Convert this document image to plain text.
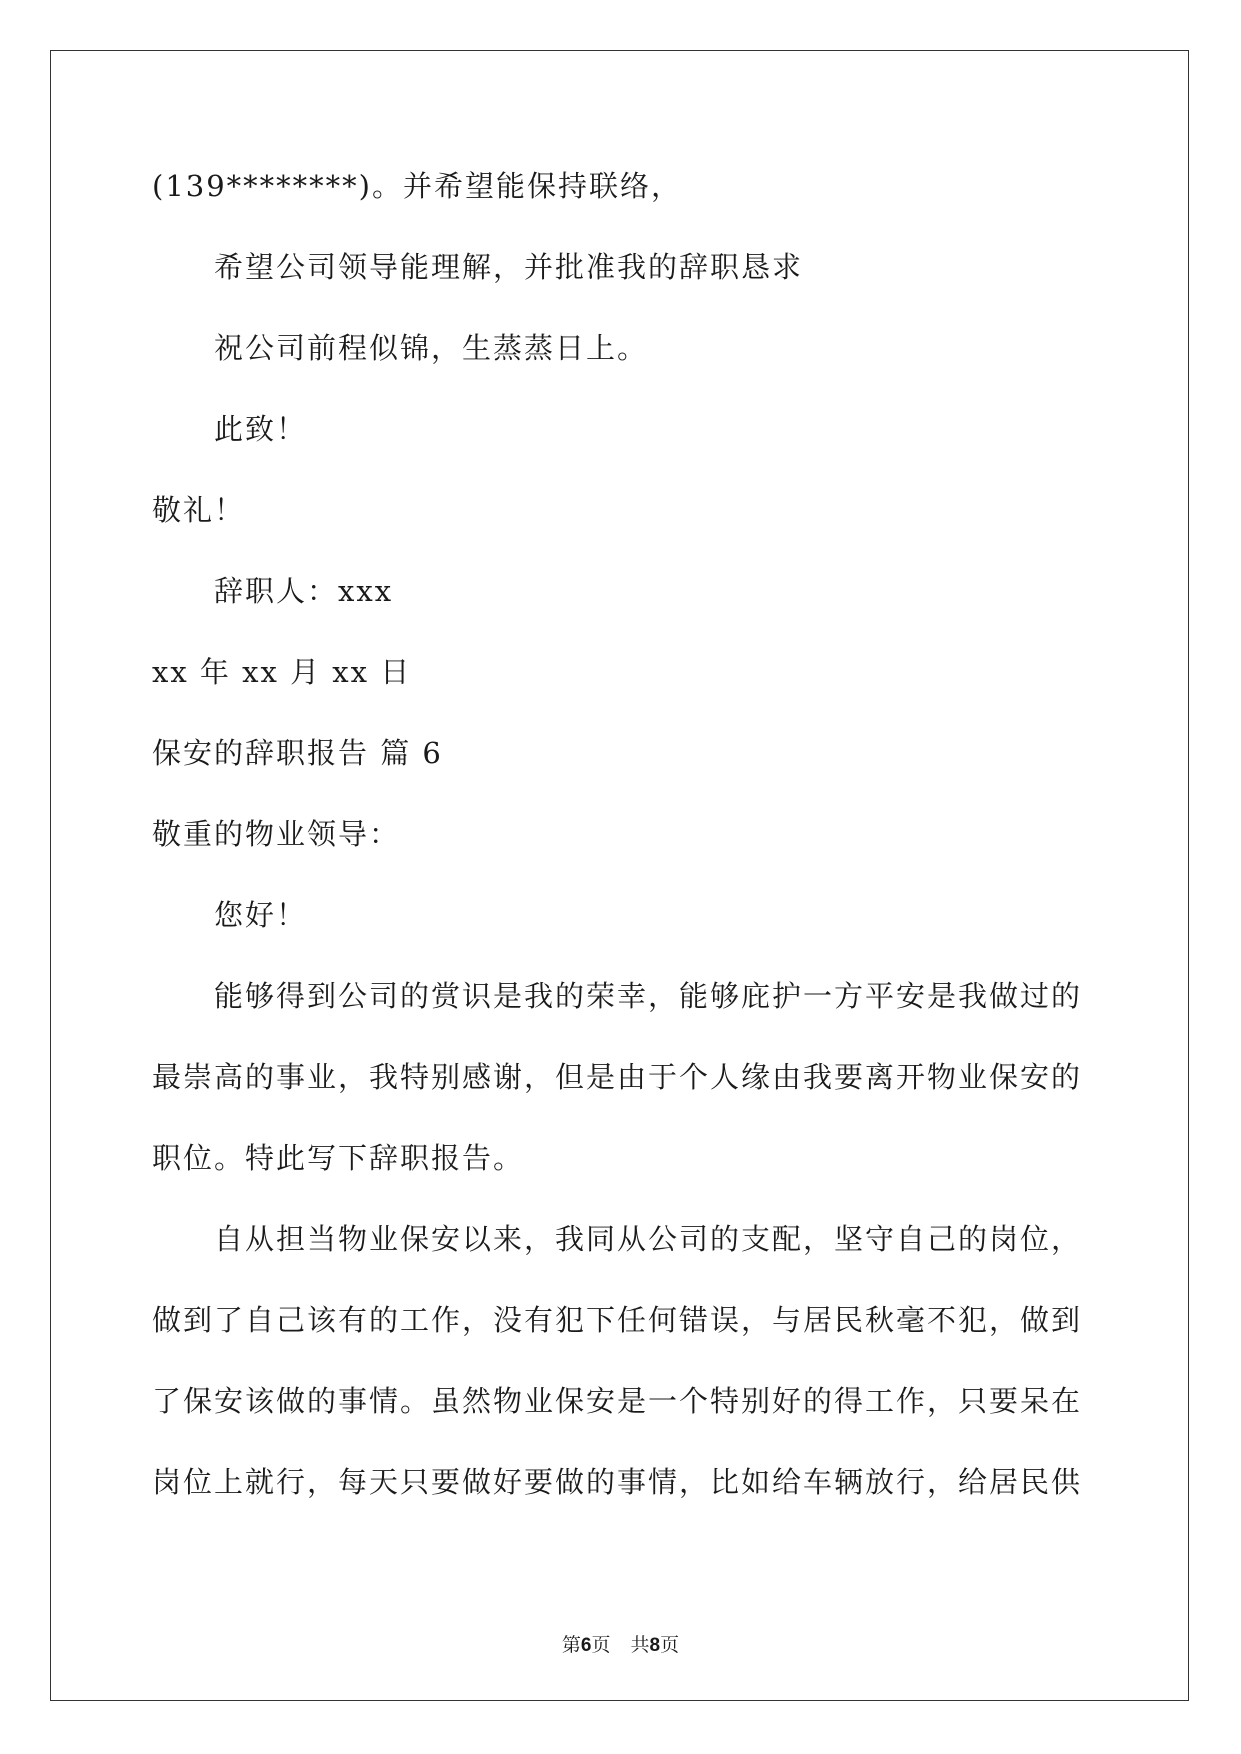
(139********)。并希望能保持联络，
希望公司领导能理解，并批准我的辞职恳求
祝公司前程似锦，生蒸蒸日上。
此致！
敬礼！
辞职人：xxx
xx 年 xx 月 xx 日
保安的辞职报告 篇 6
敬重的物业领导：
您好！
能够得到公司的赏识是我的荣幸，能够庇护一方平安是我做过的
最崇高的事业，我特别感谢，但是由于个人缘由我要离开物业保安的
职位。特此写下辞职报告。
自从担当物业保安以来，我同从公司的支配，坚守自己的岗位，
做到了自己该有的工作，没有犯下任何错误，与居民秋毫不犯，做到
了保安该做的事情。虽然物业保安是一个特别好的得工作，只要呆在
岗位上就行，每天只要做好要做的事情，比如给车辆放行，给居民供
第6页 共8页
